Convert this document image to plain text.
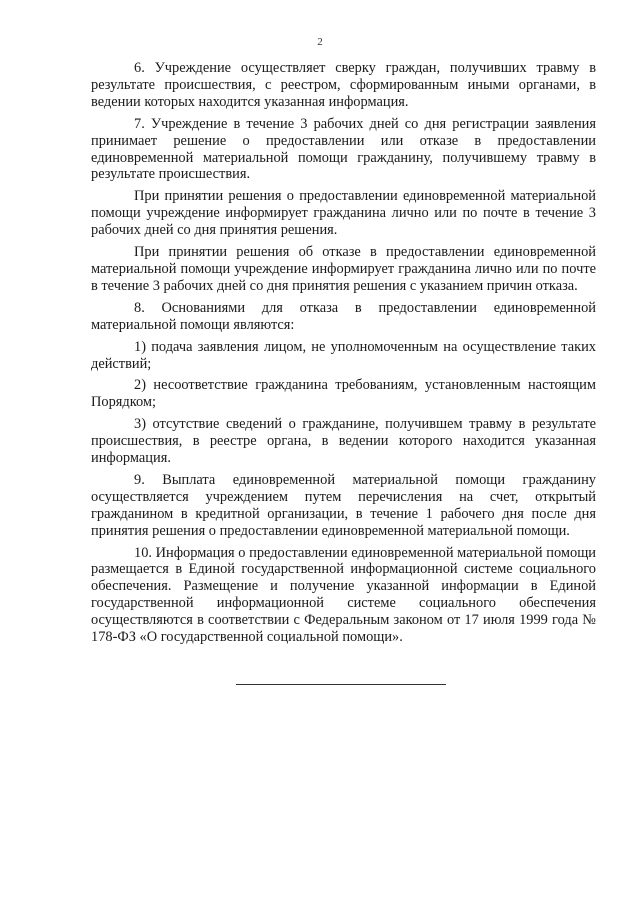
2

6. Учреждение осуществляет сверку граждан, получивших травму в результате происшествия, с реестром, сформированным иными органами, в ведении которых находится указанная информация.

7. Учреждение в течение 3 рабочих дней со дня регистрации заявления принимает решение о предоставлении или отказе в предоставлении единовременной материальной помощи гражданину, получившему травму в результате происшествия.

При принятии решения о предоставлении единовременной материальной помощи учреждение информирует гражданина лично или по почте в течение 3 рабочих дней со дня принятия решения.

При принятии решения об отказе в предоставлении единовременной материальной помощи учреждение информирует гражданина лично или по почте в течение 3 рабочих дней со дня принятия решения с указанием причин отказа.

8. Основаниями для отказа в предоставлении единовременной материальной помощи являются:

1) подача заявления лицом, не уполномоченным на осуществление таких действий;

2) несоответствие гражданина требованиям, установленным настоящим Порядком;

3) отсутствие сведений о гражданине, получившем травму в результате происшествия, в реестре органа, в ведении которого находится указанная информация.

9. Выплата единовременной материальной помощи гражданину осуществляется учреждением путем перечисления на счет, открытый гражданином в кредитной организации, в течение 1 рабочего дня после дня принятия решения о предоставлении единовременной материальной помощи.

10. Информация о предоставлении единовременной материальной помощи размещается в Единой государственной информационной системе социального обеспечения. Размещение и получение указанной информации в Единой государственной информационной системе социального обеспечения осуществляются в соответствии с Федеральным законом от 17 июля 1999 года № 178-ФЗ «О государственной социальной помощи».
